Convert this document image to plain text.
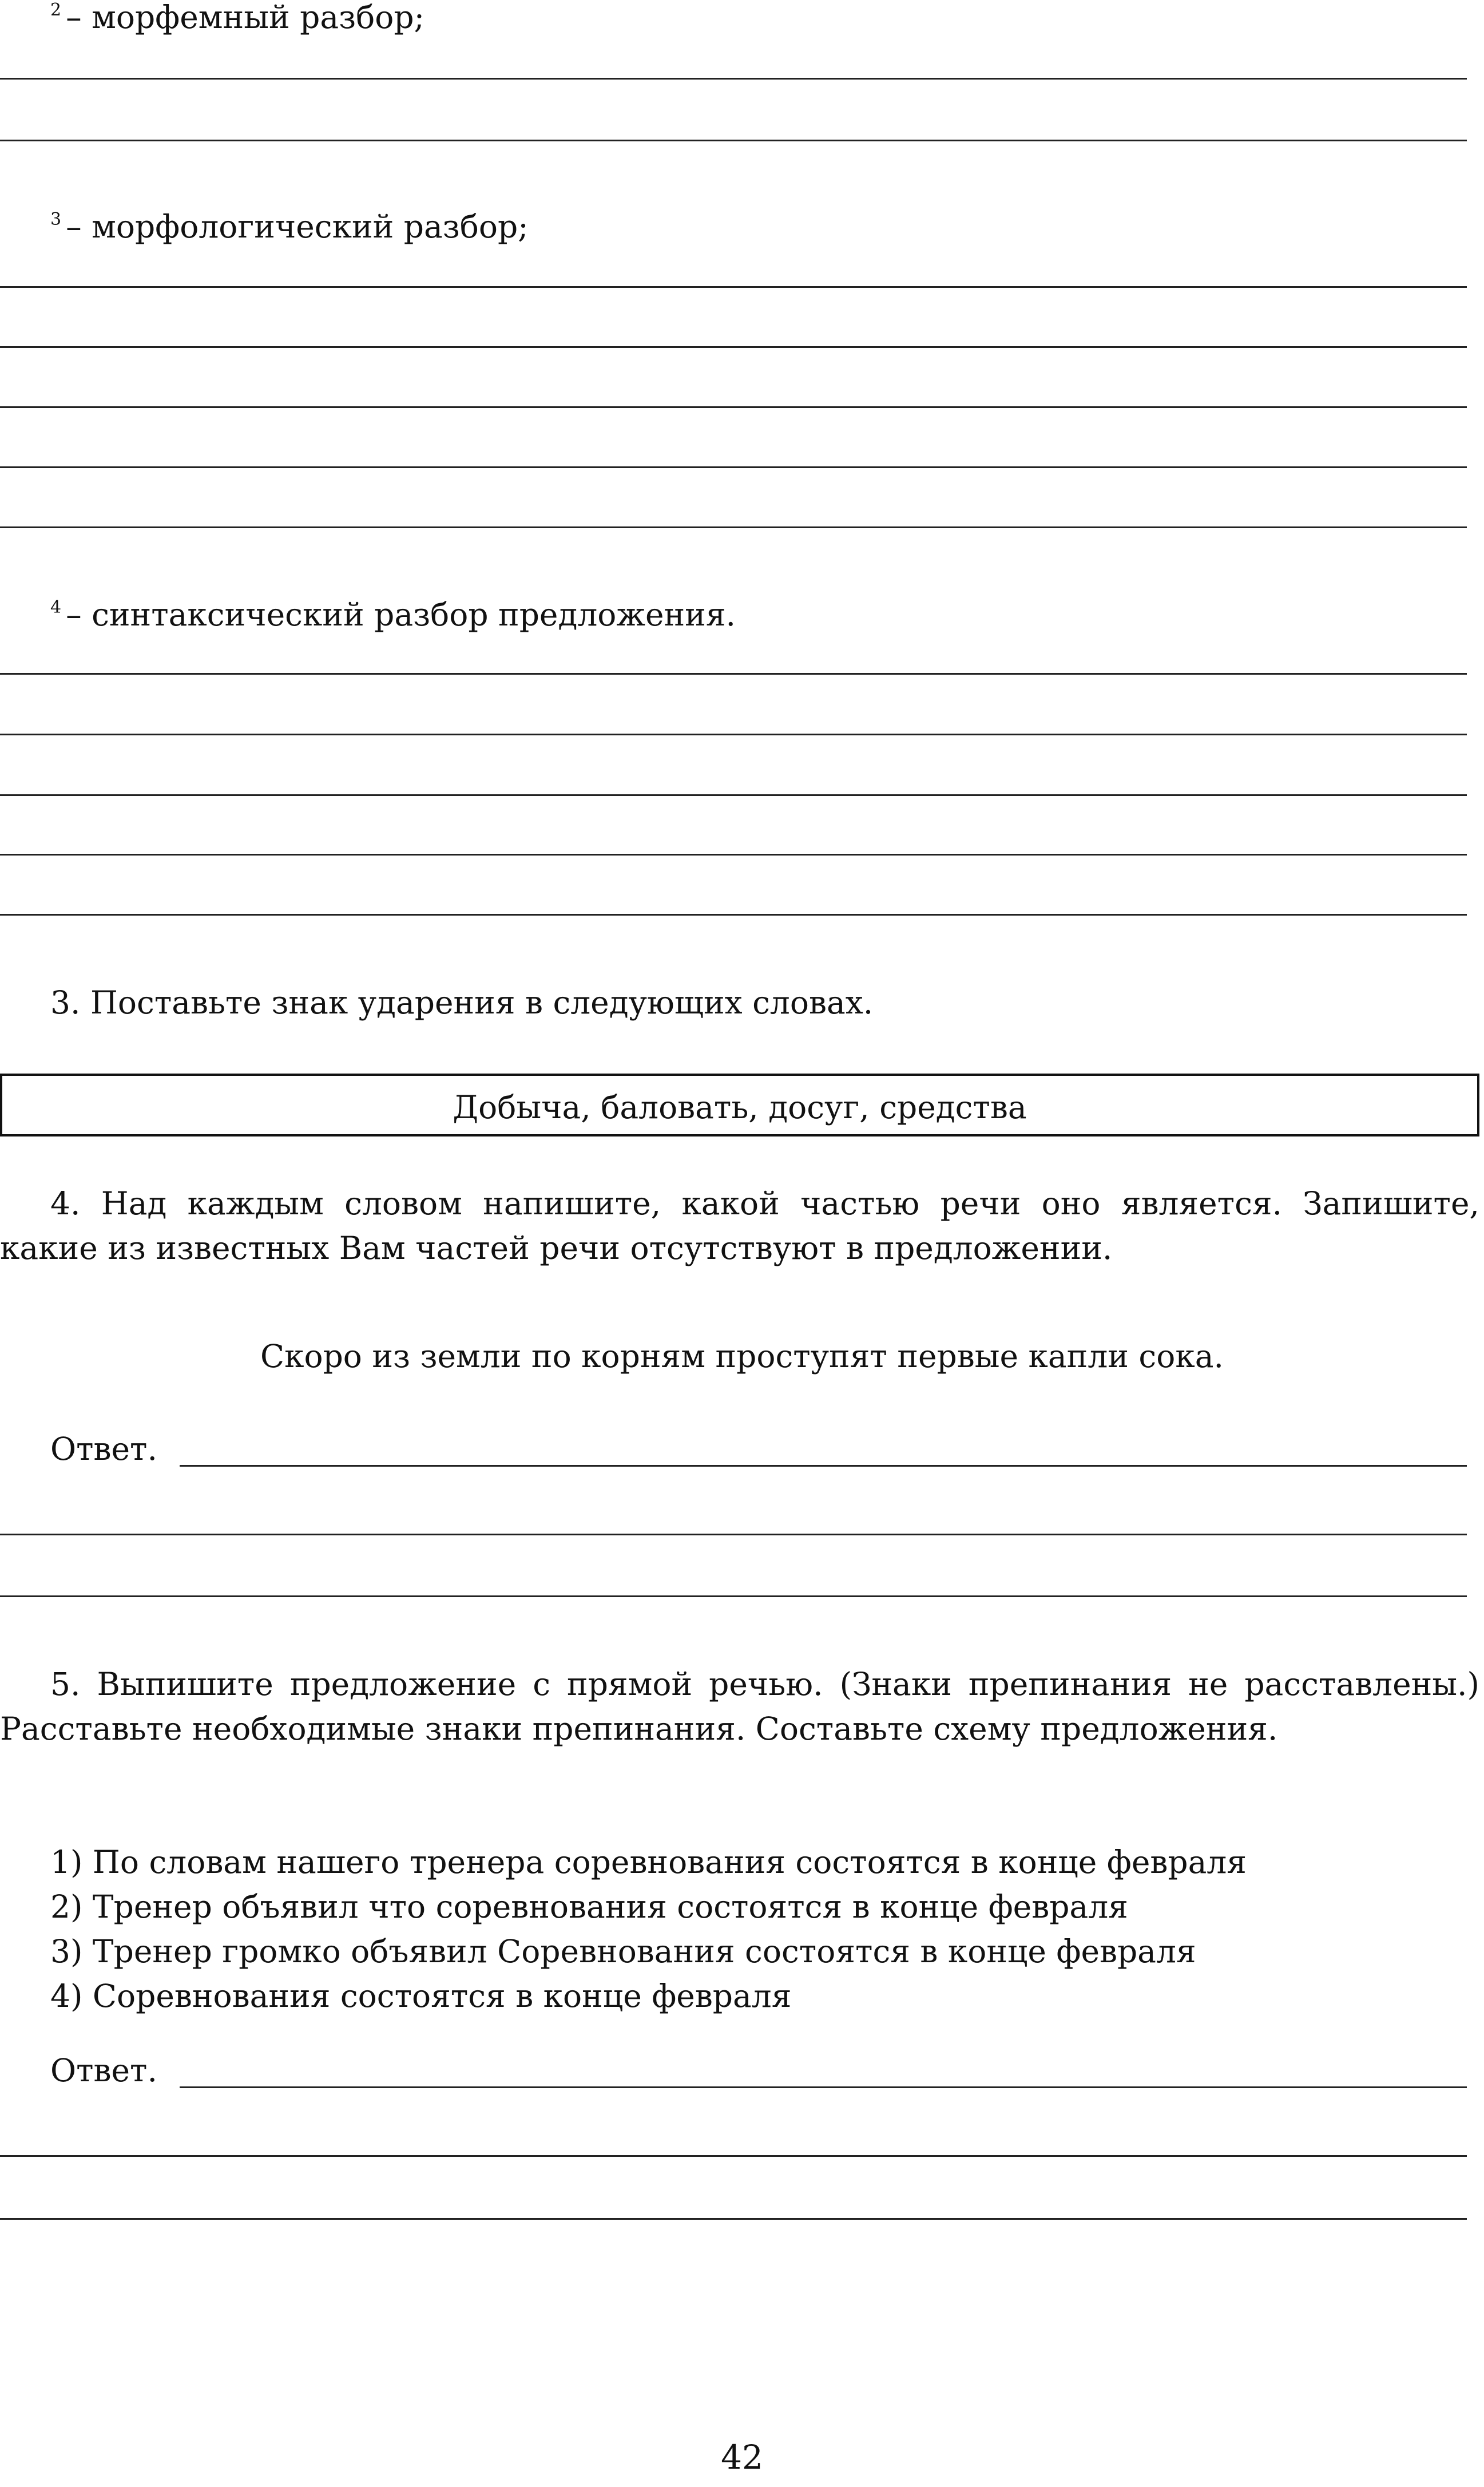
$^2$ – морфемный разбор;
$^3$ – морфологический разбор;
$^4$ – синтаксический разбор предложения.
3. Поставьте знак ударения в следующих словах.
Добыча, баловать, досуг, средства

4. Над каждым словом напишите, какой частью речи оно является. Запишите, какие из известных Вам частей речи отсутствуют в предложении.

Скоро из земли по корням проступят первые капли сока.
Ответ.

5. Выпишите предложение с прямой речью. (Знаки препинания не расставлены.) Расставьте необходимые знаки препинания. Составьте схему предложения.

1) По словам нашего тренера соревнования состоятся в конце февраля
2) Тренер объявил что соревнования состоятся в конце февраля
3) Тренер громко объявил Соревнования состоятся в конце февраля
4) Соревнования состоятся в конце февраля
Ответ.
42
